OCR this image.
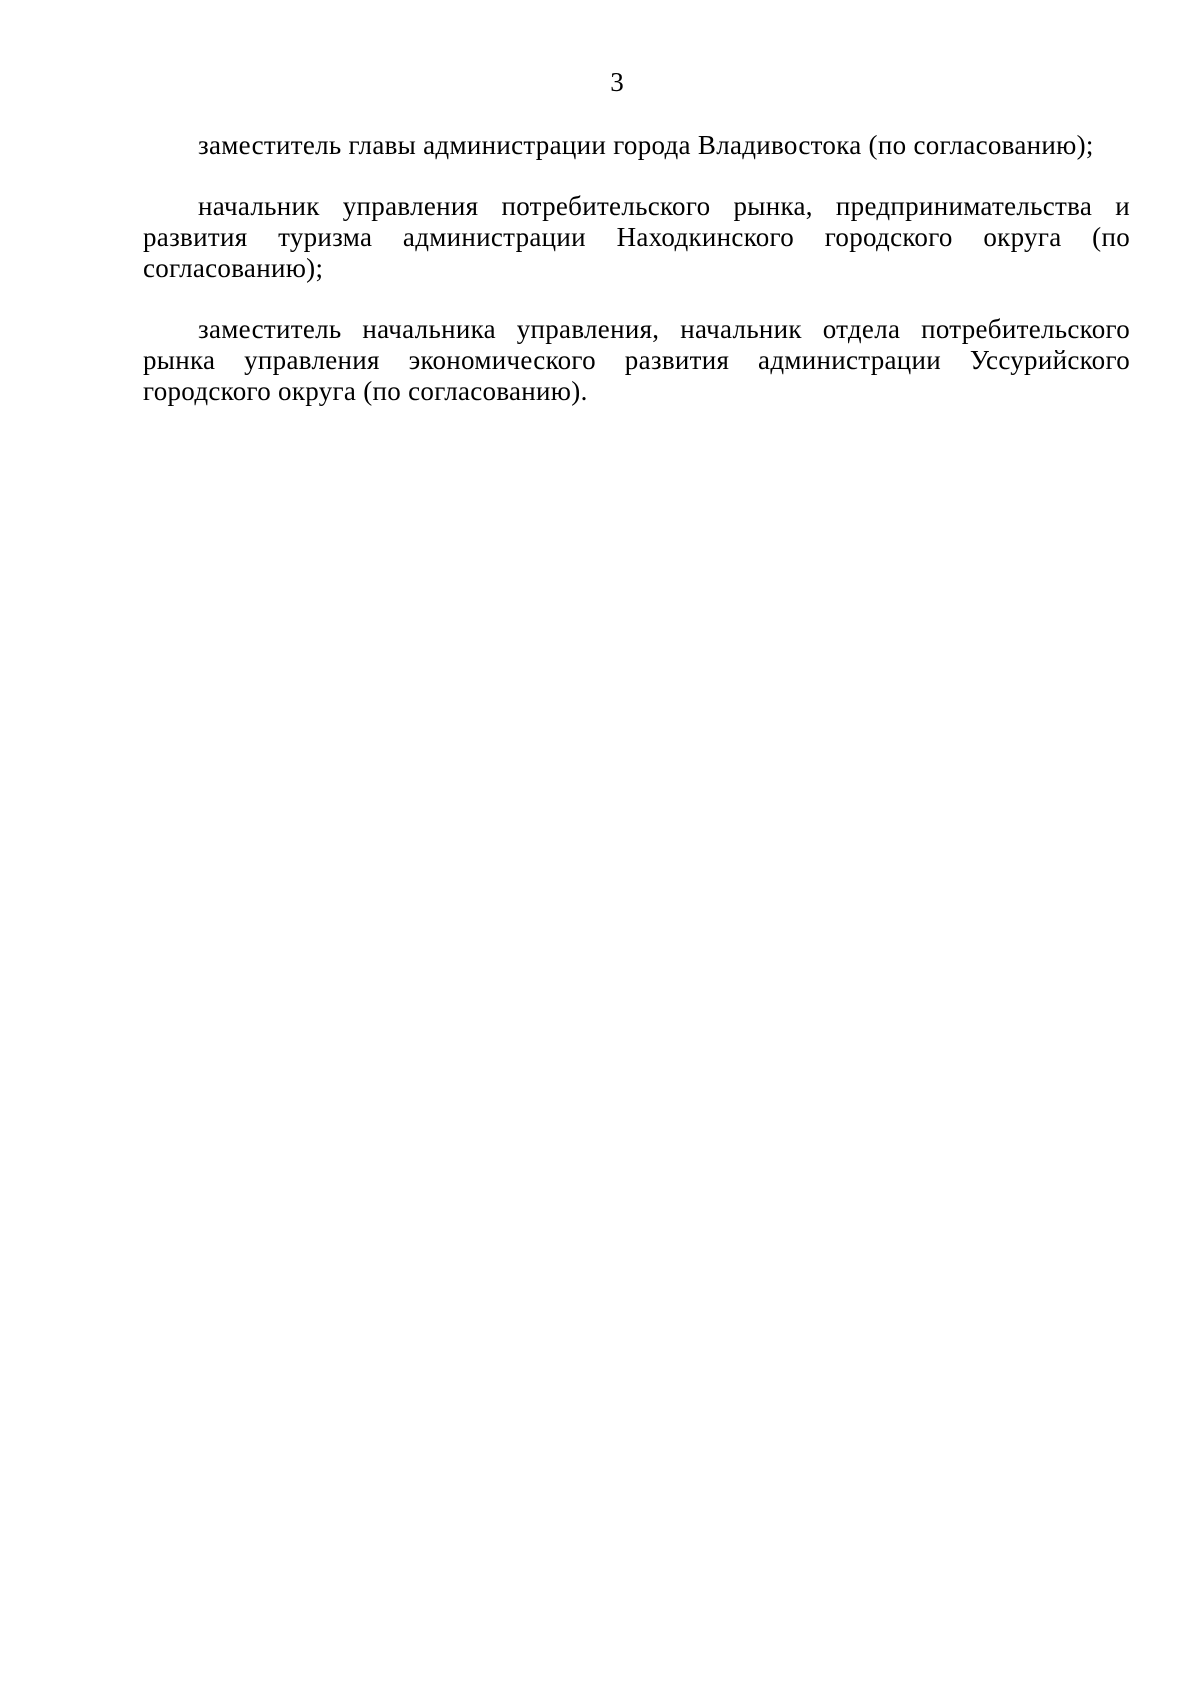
3

заместитель главы администрации города Владивостока (по согласованию);

начальник управления потребительского рынка, предпринимательства и развития туризма администрации Находкинского городского округа (по согласованию);

заместитель начальника управления, начальник отдела потребительского рынка управления экономического развития администрации Уссурийского городского округа (по согласованию).
